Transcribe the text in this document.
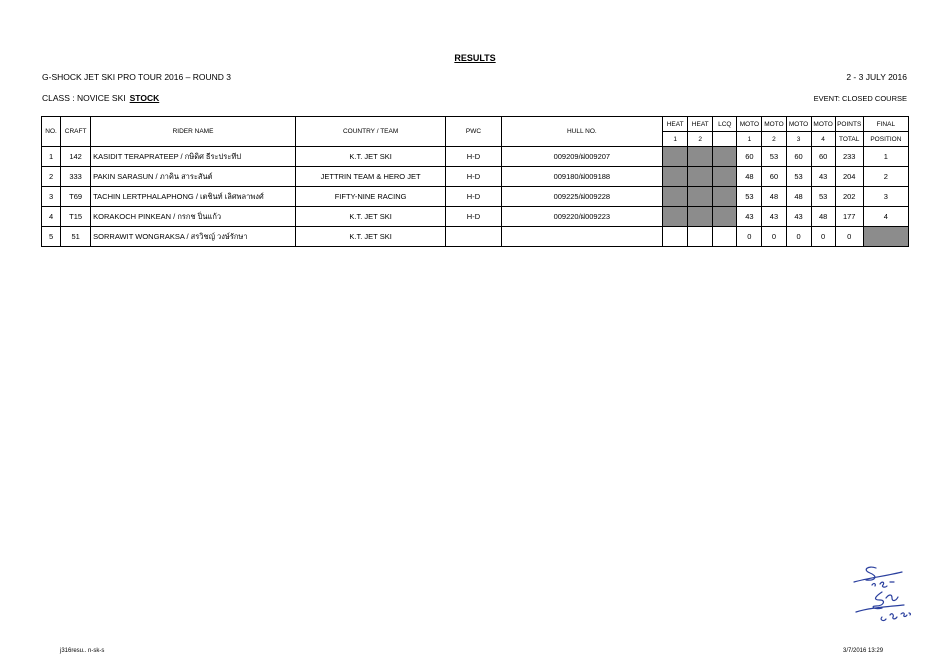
RESULTS
G-SHOCK JET SKI PRO TOUR 2016 – ROUND 3	2 - 3 JULY 2016
CLASS : NOVICE SKI STOCK	EVENT: CLOSED COURSE
NO.	CRAFT	RIDER NAME	COUNTRY / TEAM	PWC	HULL NO.	HEAT	HEAT	LCQ	MOTO	MOTO	MOTO	MOTO	POINTS	FINAL
						1	2		1	2	3	4	TOTAL	POSITION
1	142	KASIDIT TERAPRATEEP / กษิดิศ ธีระประทีป	K.T. JET SKI	H-D	009209/ฝ009207				60	53	60	60	233	1
2	333	PAKIN SARASUN / ภาคิน สาระสันต์	JETTRIN TEAM & HERO JET	H-D	009180/ฝ009188				48	60	53	43	204	2
3	T69	TACHIN LERTPHALAPHONG / เตชินท์ เลิศพลาพงศ์	FIFTY-NINE RACING	H-D	009225/ฝ009228				53	48	48	53	202	3
4	T15	KORAKOCH PINKEAN / กรกช ปิ่นแก้ว	K.T. JET SKI	H-D	009220/ฝ009223				43	43	43	48	177	4
5	51	SORRAWIT WONGRAKSA / สรวิชญ์ วงษ์รักษา	K.T. JET SKI						0	0	0	0	0	
j316resu.. n-sk-s	3/7/2016 13:29
